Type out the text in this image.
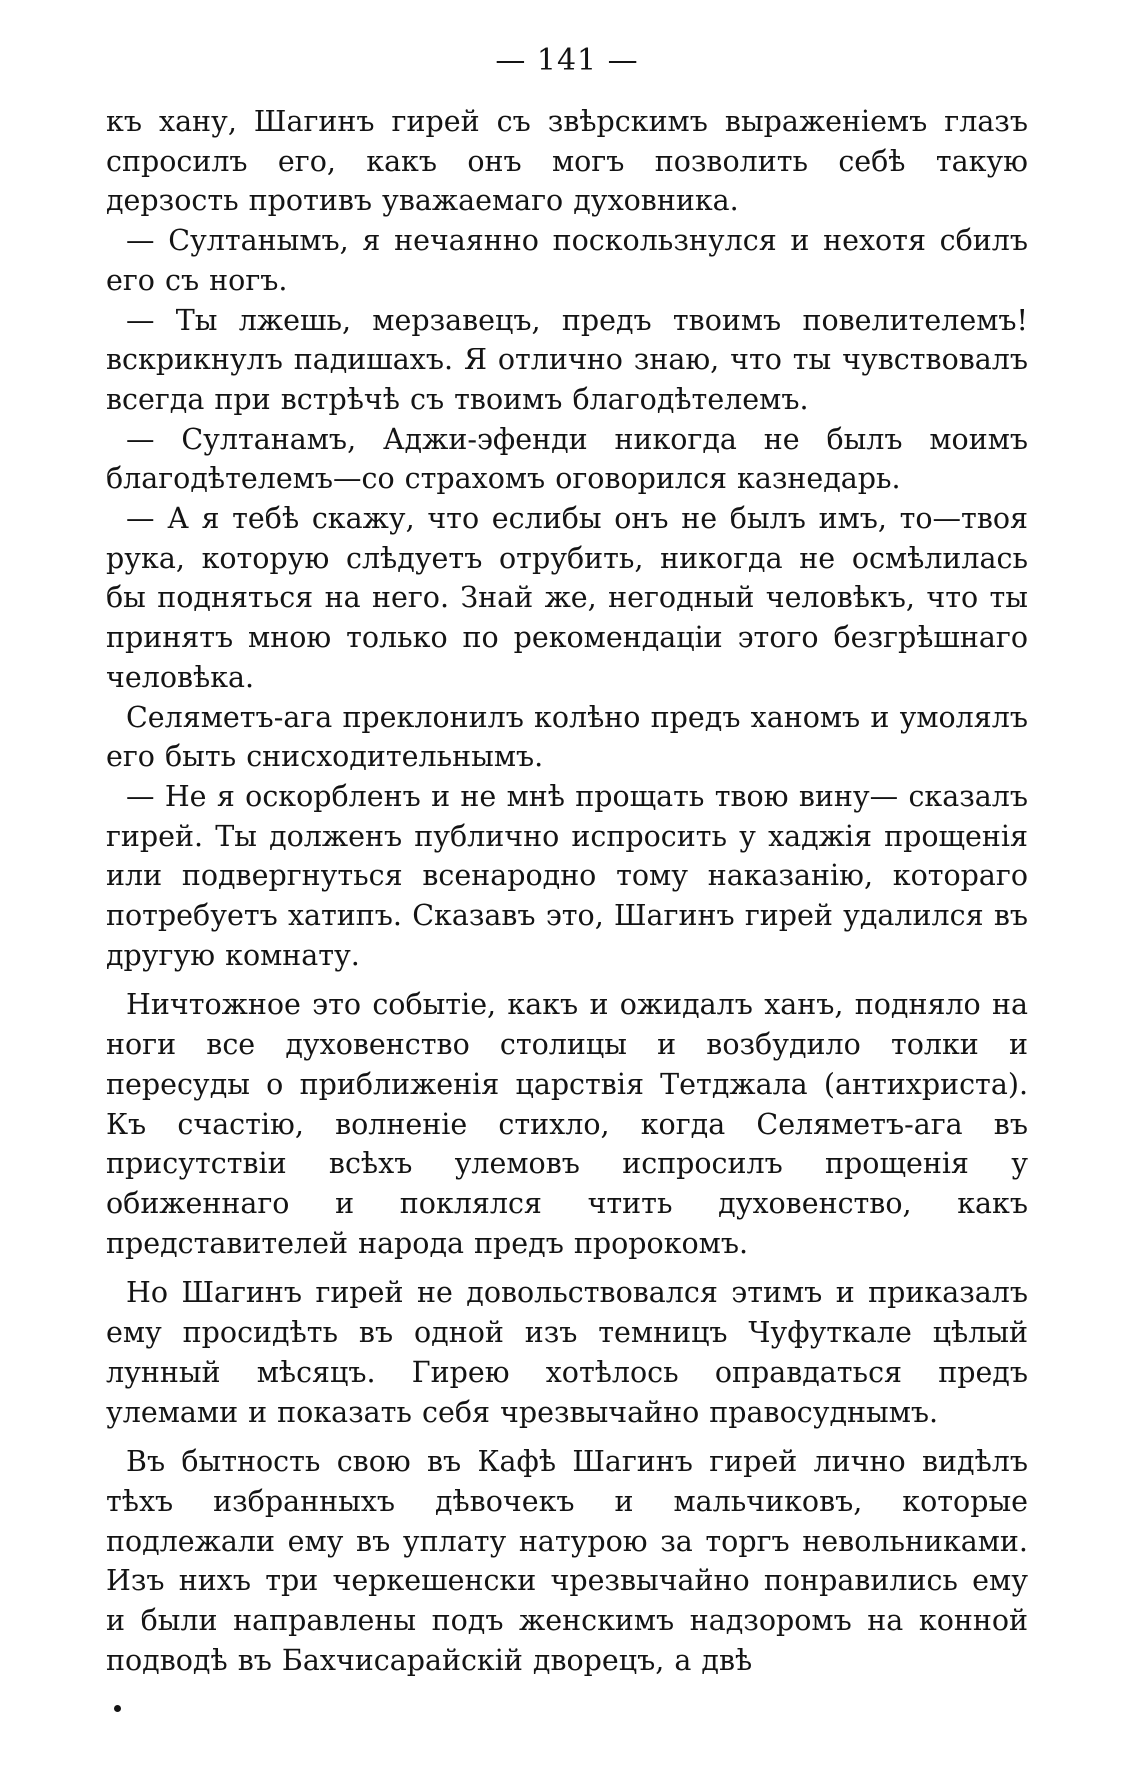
— 141 —

къ хану, Шагинъ гирей съ звѣрскимъ выраженіемъ глазъ спросилъ его, какъ онъ могъ позволить себѣ такую дерзость противъ уважаемаго духовника.

— Султанымъ, я нечаянно поскользнулся и нехотя сбилъ его съ ногъ.

— Ты лжешь, мерзавецъ, предъ твоимъ повелителемъ! вскрикнулъ падишахъ. Я отлично знаю, что ты чувствовалъ всегда при встрѣчѣ съ твоимъ благодѣтелемъ.

— Султанамъ, Аджи-эфенди никогда не былъ моимъ благодѣтелемъ—со страхомъ оговорился казнедарь.

— А я тебѣ скажу, что еслибы онъ не былъ имъ, то—твоя рука, которую слѣдуетъ отрубить, никогда не осмѣлилась бы подняться на него. Знай же, негодный человѣкъ, что ты принятъ мною только по рекомендаціи этого безгрѣшнаго человѣка.

Селяметъ-ага преклонилъ колѣно предъ ханомъ и умолялъ его быть снисходительнымъ.

— Не я оскорбленъ и не мнѣ прощать твою вину— сказалъ гирей. Ты долженъ публично испросить у хаджія прощенія или подвергнуться всенародно тому наказанію, котораго потребуетъ хатипъ. Сказавъ это, Шагинъ гирей удалился въ другую комнату.

Ничтожное это событіе, какъ и ожидалъ ханъ, подняло на ноги все духовенство столицы и возбудило толки и пересуды о приближенія царствія Тетджала (антихриста). Къ счастію, волненіе стихло, когда Селяметъ-ага въ присутствіи всѣхъ улемовъ испросилъ прощенія у обиженнаго и поклялся чтить духовенство, какъ представителей народа предъ пророкомъ.

Но Шагинъ гирей не довольствовался этимъ и приказалъ ему просидѣть въ одной изъ темницъ Чуфуткале цѣлый лунный мѣсяцъ. Гирею хотѣлось оправдаться предъ улемами и показать себя чрезвычайно правосуднымъ.

Въ бытность свою въ Кафѣ Шагинъ гирей лично видѣлъ тѣхъ избранныхъ дѣвочекъ и мальчиковъ, которые подлежали ему въ уплату натурою за торгъ невольниками. Изъ нихъ три черкешенски чрезвычайно понравились ему и были направлены подъ женскимъ надзоромъ на конной подводѣ въ Бахчисарайскій дворецъ, а двѣ
